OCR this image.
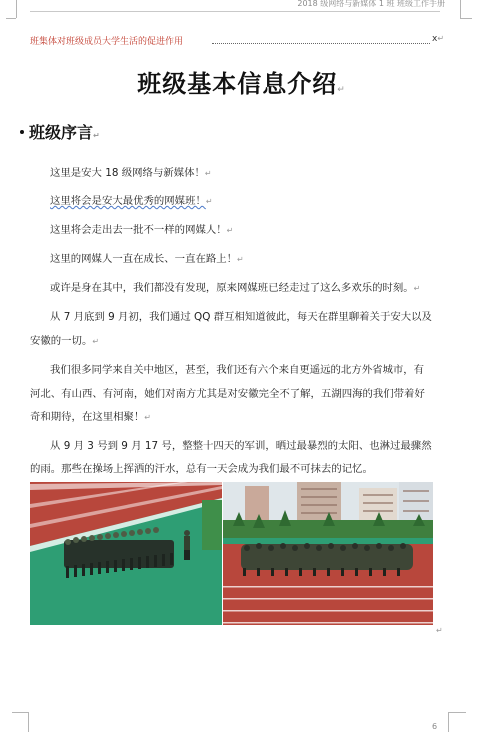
2018 级网络与新媒体 1 班 班级工作手册
班集体对班级成员大学生活的促进作用	x↵
班级基本信息介绍↵
班级序言↵
这里是安大 18 级网络与新媒体！↵
这里将会是安大最优秀的网媒班！↵
这里将会走出去一批不一样的网媒人！↵
这里的网媒人一直在成长、一直在路上！↵
或许是身在其中，我们都没有发现，原来网媒班已经走过了这么多欢乐的时刻。↵
从 7 月底到 9 月初，我们通过 QQ 群互相知道彼此，每天在群里聊着关于安大以及
安徽的一切。↵
我们很多同学来自关中地区，甚至，我们还有六个来自更遥远的北方外省城市，有
河北、有山西、有河南，她们对南方尤其是对安徽完全不了解，五湖四海的我们带着好
奇和期待，在这里相聚！↵
从 9 月 3 号到 9 月 17 号，整整十四天的军训，晒过最暴烈的太阳、也淋过最骤然
的雨。那些在操场上挥洒的汗水，总有一天会成为我们最不可抹去的记忆。
↵
6
